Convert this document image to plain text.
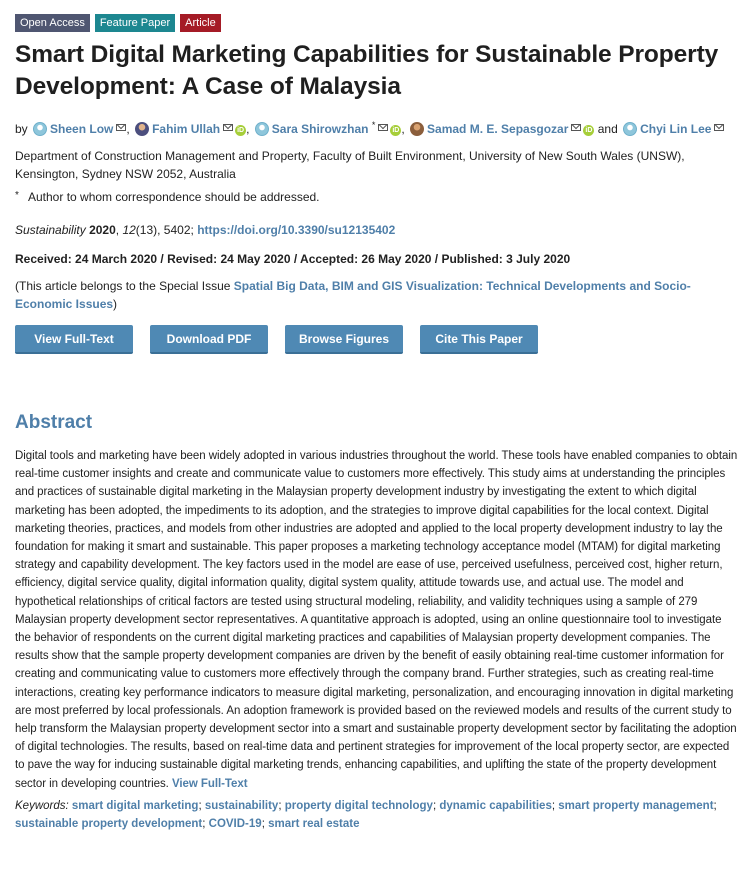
Open Access	Feature Paper	Article
Smart Digital Marketing Capabilities for Sustainable Property Development: A Case of Malaysia
by Sheen Low , Fahim Ullah iD , Sara Shirowzhan *iD , Samad M. E. Sepasgozar iD and Chyi Lin Lee
Department of Construction Management and Property, Faculty of Built Environment, University of New South Wales (UNSW), Kensington, Sydney NSW 2052, Australia
* Author to whom correspondence should be addressed.
Sustainability 2020, 12(13), 5402; https://doi.org/10.3390/su12135402
Received: 24 March 2020 / Revised: 24 May 2020 / Accepted: 26 May 2020 / Published: 3 July 2020
(This article belongs to the Special Issue Spatial Big Data, BIM and GIS Visualization: Technical Developments and Socio-Economic Issues)
View Full-Text	Download PDF	Browse Figures	Cite This Paper
Abstract
Digital tools and marketing have been widely adopted in various industries throughout the world. These tools have enabled companies to obtain real-time customer insights and create and communicate value to customers more effectively. This study aims at understanding the principles and practices of sustainable digital marketing in the Malaysian property development industry by investigating the extent to which digital marketing has been adopted, the impediments to its adoption, and the strategies to improve digital capabilities for the local context. Digital marketing theories, practices, and models from other industries are adopted and applied to the local property development industry to lay the foundation for making it smart and sustainable. This paper proposes a marketing technology acceptance model (MTAM) for digital marketing strategy and capability development. The key factors used in the model are ease of use, perceived usefulness, perceived cost, higher return, efficiency, digital service quality, digital information quality, digital system quality, attitude towards use, and actual use. The model and hypothetical relationships of critical factors are tested using structural modeling, reliability, and validity techniques using a sample of 279 Malaysian property development sector representatives. A quantitative approach is adopted, using an online questionnaire tool to investigate the behavior of respondents on the current digital marketing practices and capabilities of Malaysian property development companies. The results show that the sample property development companies are driven by the benefit of easily obtaining real-time customer information for creating and communicating value to customers more effectively through the company brand. Further strategies, such as creating real-time interactions, creating key performance indicators to measure digital marketing, personalization, and encouraging innovation in digital marketing are most preferred by local professionals. An adoption framework is provided based on the reviewed models and results of the current study to help transform the Malaysian property development sector into a smart and sustainable property development sector by facilitating the adoption of digital technologies. The results, based on real-time data and pertinent strategies for improvement of the local property sector, are expected to pave the way for inducing sustainable digital marketing trends, enhancing capabilities, and uplifting the state of the property development sector in developing countries. View Full-Text
Keywords: smart digital marketing; sustainability; property digital technology; dynamic capabilities; smart property management; sustainable property development; COVID-19; smart real estate
